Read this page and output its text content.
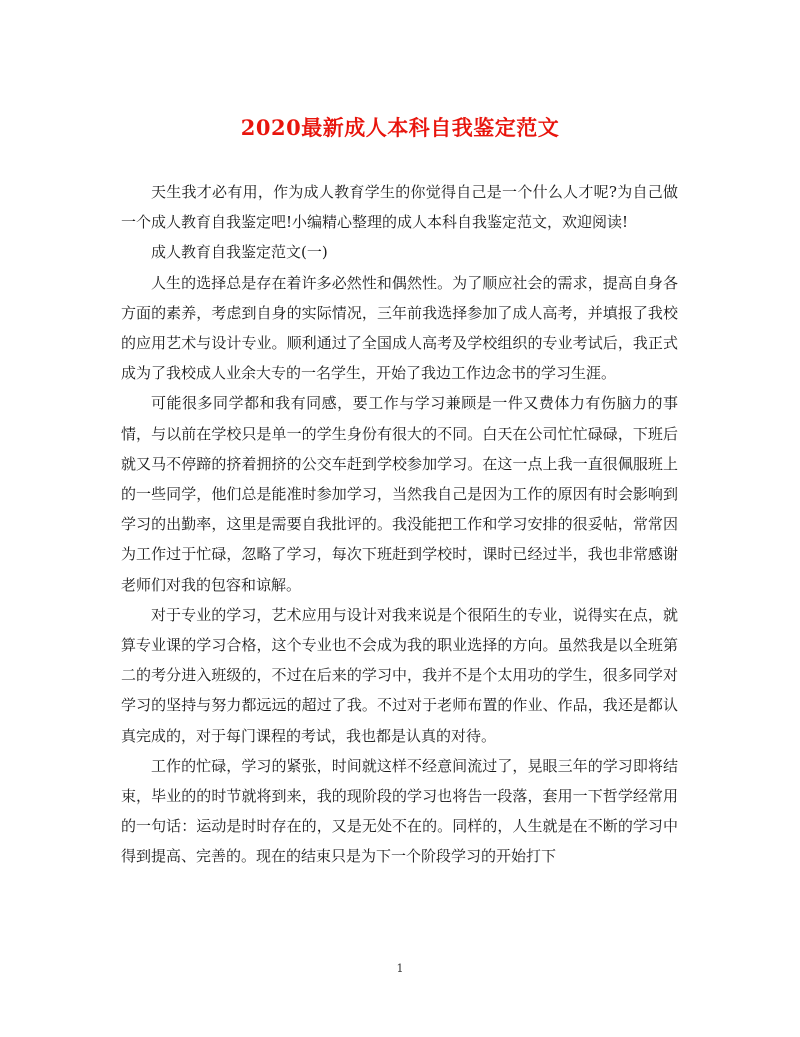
2020最新成人本科自我鉴定范文

天生我才必有用，作为成人教育学生的你觉得自己是一个什么人才呢?为自己做一个成人教育自我鉴定吧!小编精心整理的成人本科自我鉴定范文，欢迎阅读!

成人教育自我鉴定范文(一)

人生的选择总是存在着许多必然性和偶然性。为了顺应社会的需求，提高自身各方面的素养，考虑到自身的实际情况，三年前我选择参加了成人高考，并填报了我校的应用艺术与设计专业。顺利通过了全国成人高考及学校组织的专业考试后，我正式成为了我校成人业余大专的一名学生，开始了我边工作边念书的学习生涯。

可能很多同学都和我有同感，要工作与学习兼顾是一件又费体力有伤脑力的事情，与以前在学校只是单一的学生身份有很大的不同。白天在公司忙忙碌碌，下班后就又马不停蹄的挤着拥挤的公交车赶到学校参加学习。在这一点上我一直很佩服班上的一些同学，他们总是能准时参加学习，当然我自己是因为工作的原因有时会影响到学习的出勤率，这里是需要自我批评的。我没能把工作和学习安排的很妥帖，常常因为工作过于忙碌，忽略了学习，每次下班赶到学校时，课时已经过半，我也非常感谢老师们对我的包容和谅解。

对于专业的学习，艺术应用与设计对我来说是个很陌生的专业，说得实在点，就算专业课的学习合格，这个专业也不会成为我的职业选择的方向。虽然我是以全班第二的考分进入班级的，不过在后来的学习中，我并不是个太用功的学生，很多同学对学习的坚持与努力都远远的超过了我。不过对于老师布置的作业、作品，我还是都认真完成的，对于每门课程的考试，我也都是认真的对待。

工作的忙碌，学习的紧张，时间就这样不经意间流过了，晃眼三年的学习即将结束，毕业的的时节就将到来，我的现阶段的学习也将告一段落，套用一下哲学经常用的一句话：运动是时时存在的，又是无处不在的。同样的，人生就是在不断的学习中得到提高、完善的。现在的结束只是为下一个阶段学习的开始打下

1
